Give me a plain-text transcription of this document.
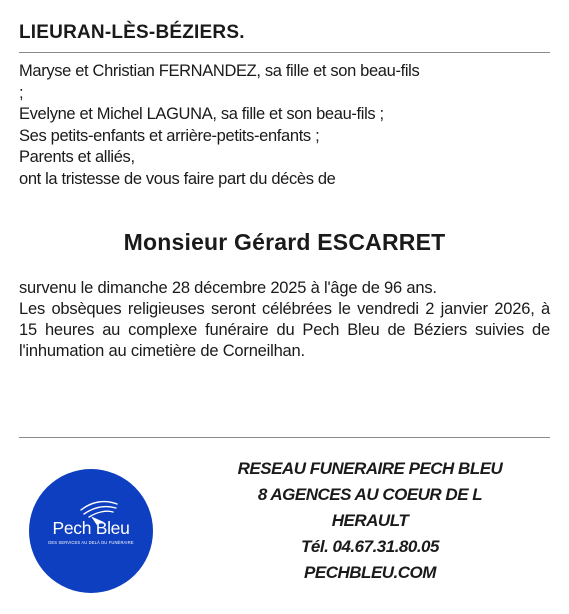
LIEURAN-LÈS-BÉZIERS.
Maryse et Christian FERNANDEZ, sa fille et son beau-fils
;
Evelyne et Michel LAGUNA, sa fille et son beau-fils ;
Ses petits-enfants et arrière-petits-enfants ;
Parents et alliés,
ont la tristesse de vous faire part du décès de
Monsieur Gérard ESCARRET

survenu le dimanche 28 décembre 2025 à l'âge de 96 ans.

Les obsèques religieuses seront célébrées le vendredi 2 janvier 2026, à 15 heures au complexe funéraire du Pech Bleu de Béziers suivies de l'inhumation au cimetière de Corneilhan.

Pech Bleu
DES SERVICES AU DELÀ DU FUNÉRAIRE
RESEAU FUNERAIRE PECH BLEU
8 AGENCES AU COEUR DE L
HERAULT
Tél. 04.67.31.80.05
PECHBLEU.COM
